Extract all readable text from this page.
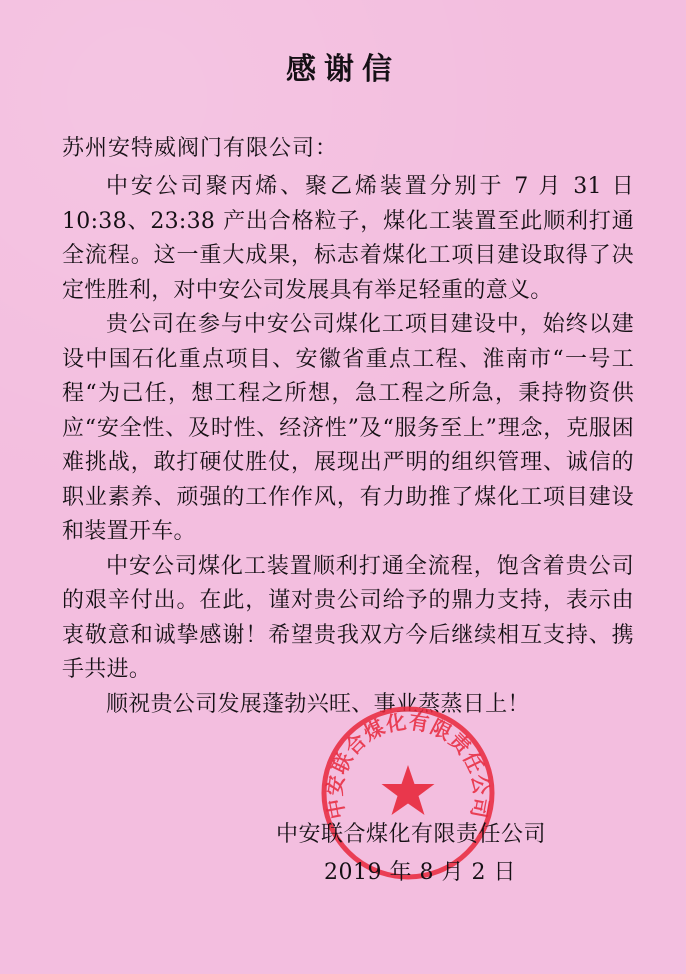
感谢信
苏州安特威阀门有限公司：

中安公司聚丙烯、聚乙烯装置分别于 7 月 31 日 10:38、23:38 产出合格粒子，煤化工装置至此顺利打通全流程。这一重大成果，标志着煤化工项目建设取得了决定性胜利，对中安公司发展具有举足轻重的意义。

贵公司在参与中安公司煤化工项目建设中，始终以建设中国石化重点项目、安徽省重点工程、淮南市“一号工程“为己任，想工程之所想，急工程之所急，秉持物资供应“安全性、及时性、经济性”及“服务至上”理念，克服困难挑战，敢打硬仗胜仗，展现出严明的组织管理、诚信的职业素养、顽强的工作作风，有力助推了煤化工项目建设和装置开车。

中安公司煤化工装置顺利打通全流程，饱含着贵公司的艰辛付出。在此，谨对贵公司给予的鼎力支持，表示由衷敬意和诚挚感谢！希望贵我双方今后继续相互支持、携手共进。

顺祝贵公司发展蓬勃兴旺、事业蒸蒸日上！

中安联合煤化有限责任公司
中安联合煤化有限责任公司
2019 年 8 月 2 日
